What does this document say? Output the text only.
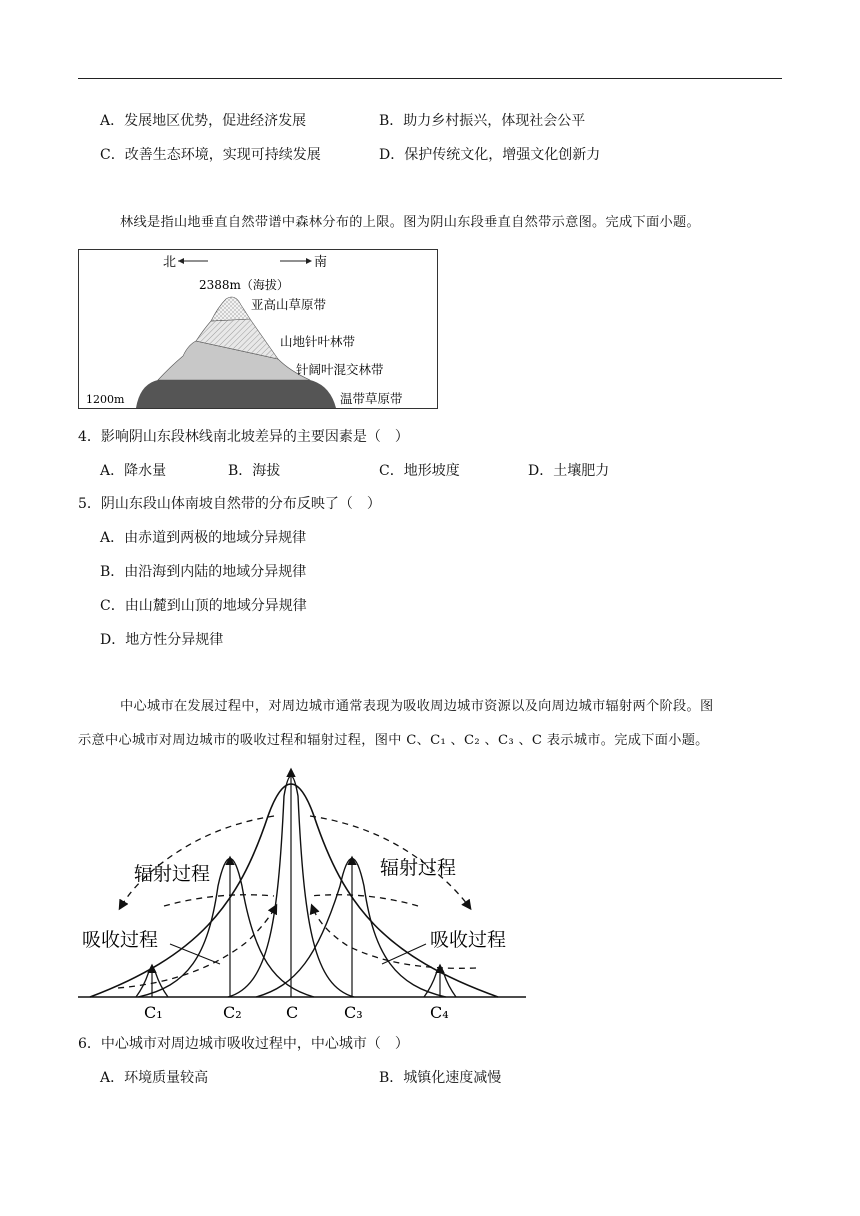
A．发展地区优势，促进经济发展	B．助力乡村振兴，体现社会公平
C．改善生态环境，实现可持续发展	D．保护传统文化，增强文化创新力
林线是指山地垂直自然带谱中森林分布的上限。图为阴山东段垂直自然带示意图。完成下面小题。
北	南
2388m（海拔）
亚高山草原带
山地针叶林带
针阔叶混交林带
温带草原带
1200m
4．影响阴山东段林线南北坡差异的主要因素是（　）
A．降水量	B．海拔	C．地形坡度	D．土壤肥力
5．阴山东段山体南坡自然带的分布反映了（　）
A．由赤道到两极的地域分异规律
B．由沿海到内陆的地域分异规律
C．由山麓到山顶的地域分异规律
D．地方性分异规律
中心城市在发展过程中，对周边城市通常表现为吸收周边城市资源以及向周边城市辐射两个阶段。图
示意中心城市对周边城市的吸收过程和辐射过程，图中 C、C₁ 、C₂ 、C₃ 、C 表示城市。完成下面小题。
辐射过程	辐射过程
吸收过程	吸收过程
C₁	C₂	C	C₃	C₄
6．中心城市对周边城市吸收过程中，中心城市（　）
A．环境质量较高	B．城镇化速度减慢
